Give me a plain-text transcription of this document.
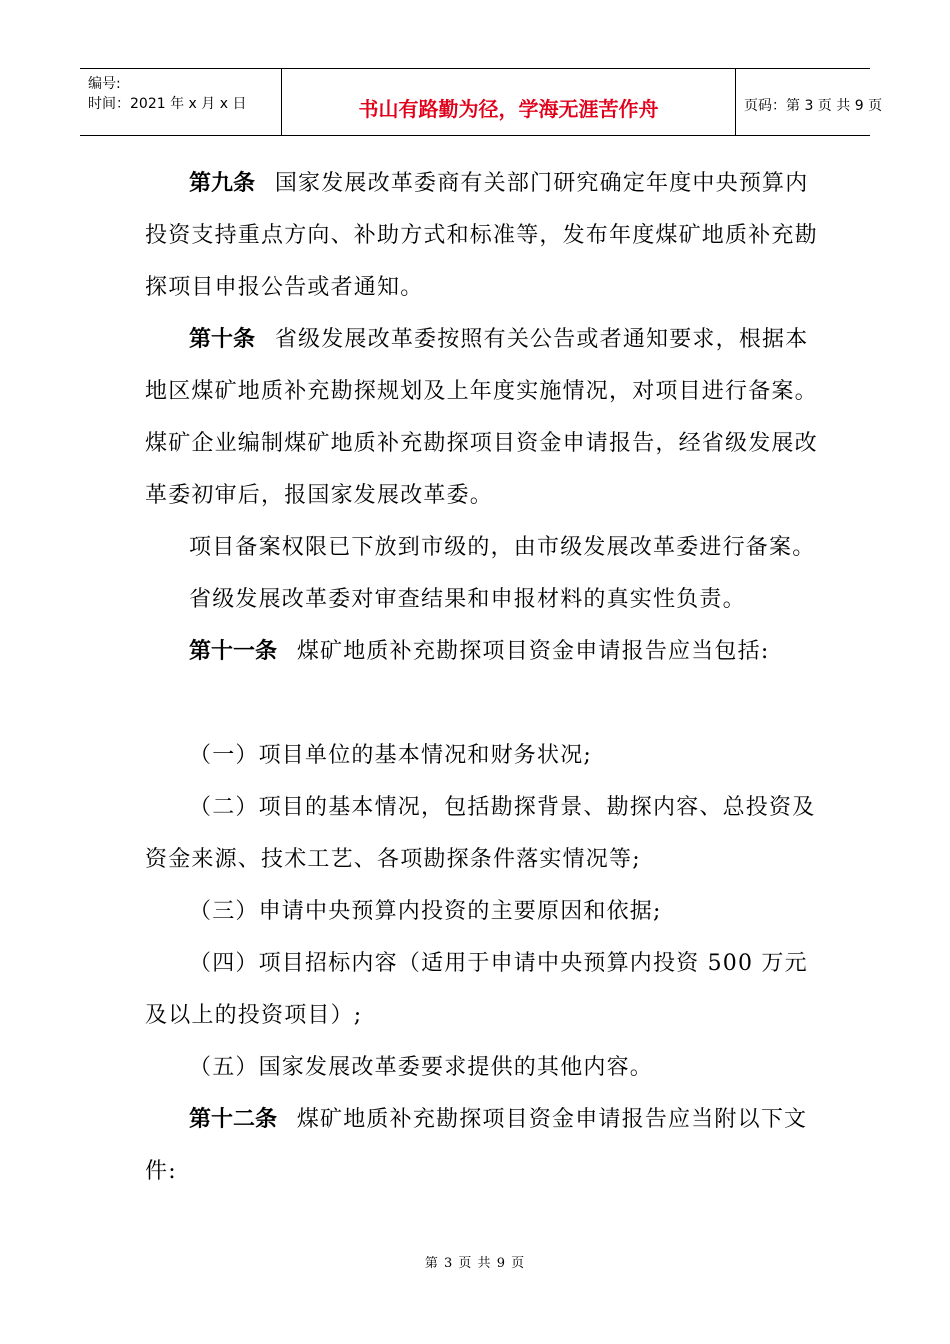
编号:
时间：2021 年 x 月 x 日	书山有路勤为径，学海无涯苦作舟	页码：第 3 页 共 9 页

第九条 国家发展改革委商有关部门研究确定年度中央预算内投资支持重点方向、补助方式和标准等，发布年度煤矿地质补充勘探项目申报公告或者通知。

第十条 省级发展改革委按照有关公告或者通知要求，根据本地区煤矿地质补充勘探规划及上年度实施情况，对项目进行备案。煤矿企业编制煤矿地质补充勘探项目资金申请报告，经省级发展改革委初审后，报国家发展改革委。

项目备案权限已下放到市级的，由市级发展改革委进行备案。

省级发展改革委对审查结果和申报材料的真实性负责。

第十一条 煤矿地质补充勘探项目资金申请报告应当包括:

（一）项目单位的基本情况和财务状况;

（二）项目的基本情况，包括勘探背景、勘探内容、总投资及资金来源、技术工艺、各项勘探条件落实情况等;

（三）申请中央预算内投资的主要原因和依据;

（四）项目招标内容（适用于申请中央预算内投资 500 万元及以上的投资项目）;

（五）国家发展改革委要求提供的其他内容。

第十二条 煤矿地质补充勘探项目资金申请报告应当附以下文件:

第 3 页 共 9 页
